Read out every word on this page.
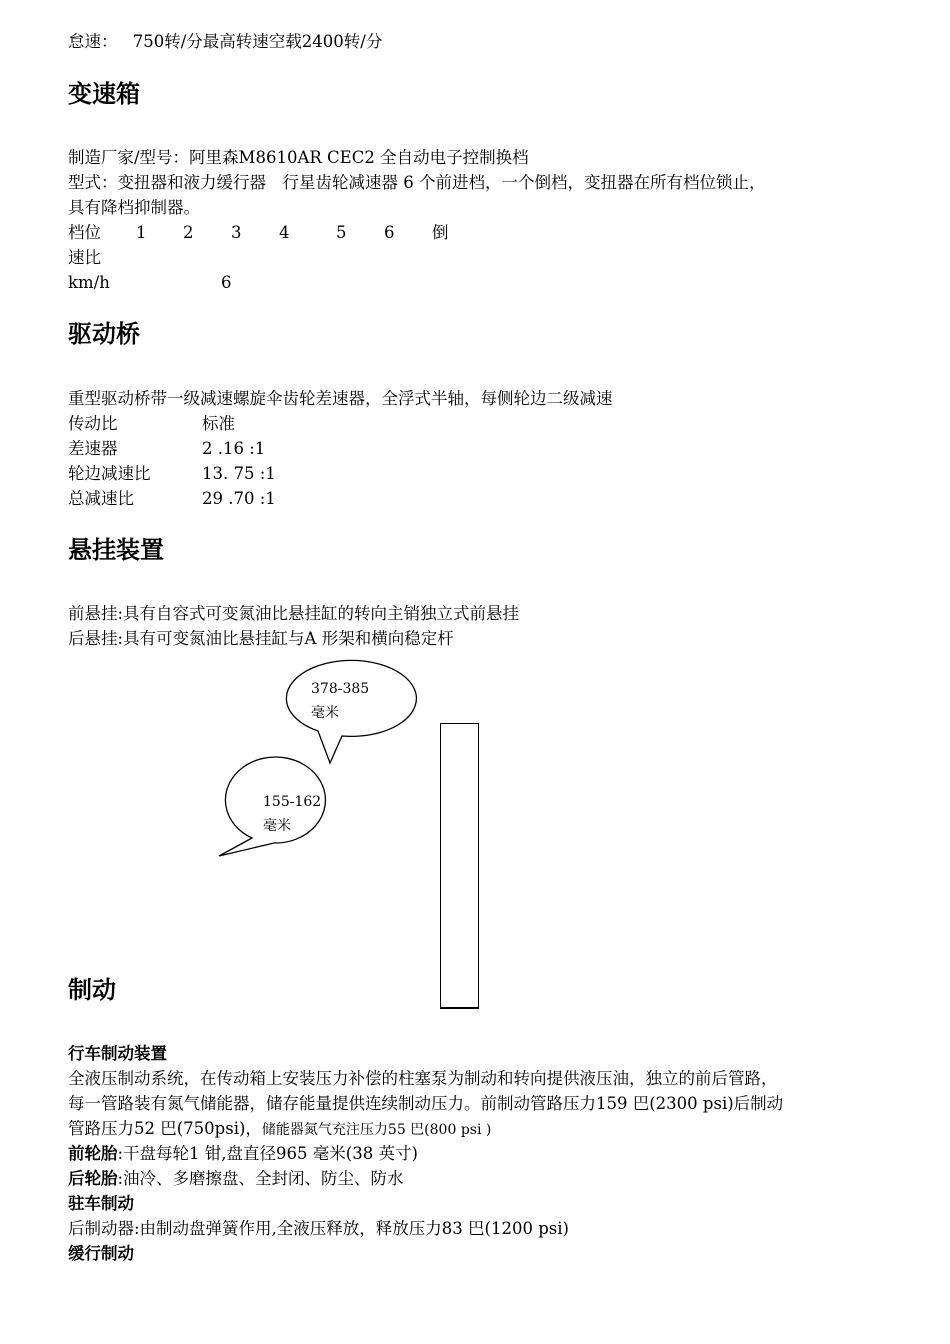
怠速： 750转/分最高转速空载2400转/分
变速箱
制造厂家/型号：阿里森M8610AR CEC2 全自动电子控制换档
型式：变扭器和液力缓行器　行星齿轮减速器 6 个前进档，一个倒档，变扭器在所有档位锁止，
具有降档抑制器。
档位 1 2 3 4	5 6 倒
速比
km/h	6
驱动桥
重型驱动桥带一级减速螺旋伞齿轮差速器，全浮式半轴，每侧轮边二级减速
传动比	标准
差速器	2 .16 :1
轮边减速比	13. 75 :1
总减速比	29 .70 :1
悬挂装置
前悬挂:具有自容式可变氮油比悬挂缸的转向主销独立式前悬挂
后悬挂:具有可变氮油比悬挂缸与A 形架和横向稳定杆
378-385
毫米
155-162
毫米
制动
行车制动装置
全液压制动系统，在传动箱上安装压力补偿的柱塞泵为制动和转向提供液压油，独立的前后管路，
每一管路装有氮气储能器，储存能量提供连续制动压力。前制动管路压力159 巴(2300 psi)后制动
管路压力52 巴(750psi)，储能器氮气充注压力55 巴(800 psi )
前轮胎:干盘每轮1 钳,盘直径965 毫米(38 英寸)
后轮胎:油冷、多磨擦盘、全封闭、防尘、防水
驻车制动
后制动器:由制动盘弹簧作用,全液压释放，释放压力83 巴(1200 psi)
缓行制动
